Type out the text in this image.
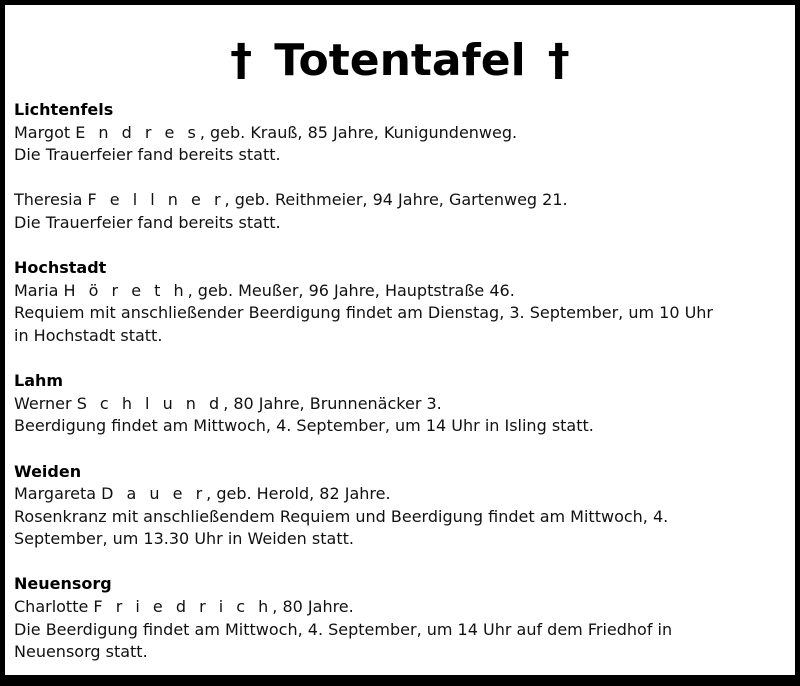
† Totentafel †
Lichtenfels
Margot E n d r e s, geb. Krauß, 85 Jahre, Kunigundenweg.
Die Trauerfeier fand bereits statt.
Theresia F e l l n e r, geb. Reithmeier, 94 Jahre, Gartenweg 21.
Die Trauerfeier fand bereits statt.
Hochstadt
Maria H ö r e t h, geb. Meußer, 96 Jahre, Hauptstraße 46.
Requiem mit anschließender Beerdigung findet am Dienstag, 3. September, um 10 Uhr
in Hochstadt statt.
Lahm
Werner S c h l u n d, 80 Jahre, Brunnenäcker 3.
Beerdigung findet am Mittwoch, 4. September, um 14 Uhr in Isling statt.
Weiden
Margareta D a u e r, geb. Herold, 82 Jahre.
Rosenkranz mit anschließendem Requiem und Beerdigung findet am Mittwoch, 4.
September, um 13.30 Uhr in Weiden statt.
Neuensorg
Charlotte F r i e d r i c h, 80 Jahre.
Die Beerdigung findet am Mittwoch, 4. September, um 14 Uhr auf dem Friedhof in
Neuensorg statt.
